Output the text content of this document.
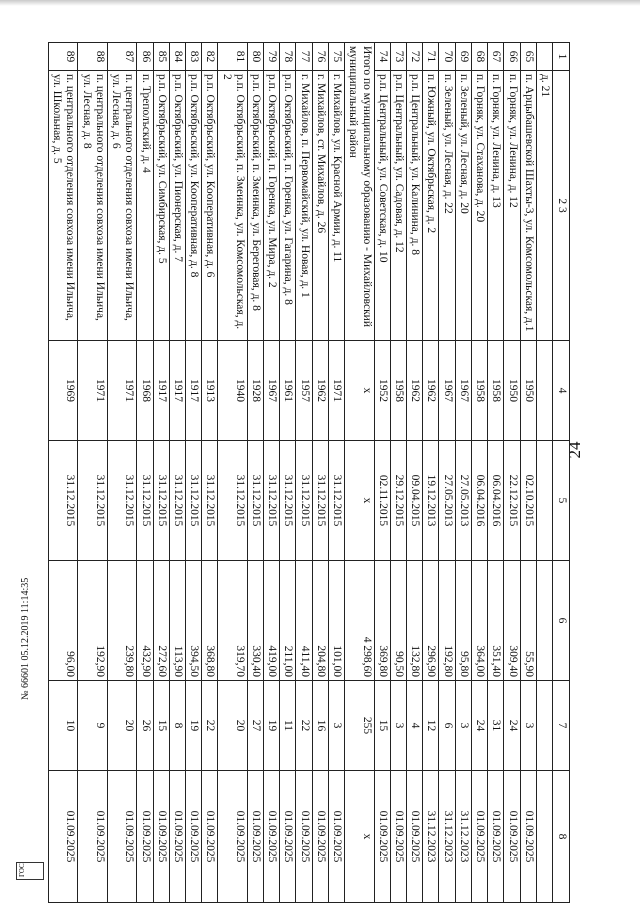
24
1	2 3	4	5	6	7	8
	д. 21					
65	п. Арцыбашевской Шахты-3, ул. Комсомольская, д.1	1950	02.10.2015	55,90	3	01.09.2025
66	п. Горняк, ул. Ленина, д. 12	1950	22.12.2015	309,40	24	01.09.2025
67	п. Горняк, ул. Ленина, д. 13	1958	06.04.2016	351,40	31	01.09.2025
68	п. Горняк, ул. Стаханова, д. 20	1958	06.04.2016	364,00	24	01.09.2025
69	п. Зеленый, ул. Лесная, д. 20	1967	27.05.2013	95,80	3	31.12.2023
70	п. Зеленый, ул. Лесная, д. 22	1967	27.05.2013	192,80	6	31.12.2023
71	п. Южный, ул. Октябрьская, д. 2	1962	19.12.2013	296,90	12	31.12.2023
72	р.п. Центральный, ул. Калинина, д. 8	1962	09.04.2015	132,80	4	01.09.2025
73	р.п. Центральный, ул. Садовая, д. 12	1958	29.12.2015	90,50	3	01.09.2025
74	р.п. Центральный, ул. Советская, д. 10	1952	02.11.2015	369,80	15	01.09.2025
Итого по муниципальному образованию - Михайловский муниципальный район		x	x	4 298,60	255	x
75	г. Михайлов, ул. Красной Армии, д. 11	1971	31.12.2015	101,00	3	01.09.2025
76	г. Михайлов, ст. Михайлов, д. 26	1962	31.12.2015	204,80	16	01.09.2025
77	г. Михайлов, п. Первомайский, ул. Новая, д. 1	1957	31.12.2015	411,40	22	01.09.2025
78	р.п. Октябрьский, п. Горенка, ул. Гагарина, д. 8	1961	31.12.2015	211,00	11	01.09.2025
79	р.п. Октябрьский, п. Горенка, ул. Мира, д. 2	1967	31.12.2015	419,00	19	01.09.2025
80	р.п. Октябрьский, п. Змеинка, ул. Береговая, д. 8	1928	31.12.2015	330,40	27	01.09.2025
81	р.п. Октябрьский, п. Змеинка, ул. Комсомольская, д. 2	1940	31.12.2015	319,70	20	01.09.2025
82	р.п. Октябрьский, ул. Кооперативная, д. 6	1913	31.12.2015	368,80	22	01.09.2025
83	р.п. Октябрьский, ул. Кооперативная, д. 8	1917	31.12.2015	394,50	19	01.09.2025
84	р.п. Октябрьский, ул. Пионерская, д. 7	1917	31.12.2015	113,90	8	01.09.2025
85	р.п. Октябрьский, ул. Симбирская, д. 5	1917	31.12.2015	272,60	15	01.09.2025
86	п. Треполъский, д. 4	1968	31.12.2015	432,90	26	01.09.2025
87	п. центрального отделения совхоза имени Ильича, ул. Лесная, д. 6	1971	31.12.2015	239,80	20	01.09.2025
88	п. центрального отделения совхоза имени Ильича, ул. Лесная, д. 8	1971	31.12.2015	192,90	9	01.09.2025
89	п. центрального отделения совхоза имени Ильича, ул. Школьная, д. 5	1969	31.12.2015	96,00	10	01.09.2025
ГОС
№ 66601 05.12.2019 11:14:35
